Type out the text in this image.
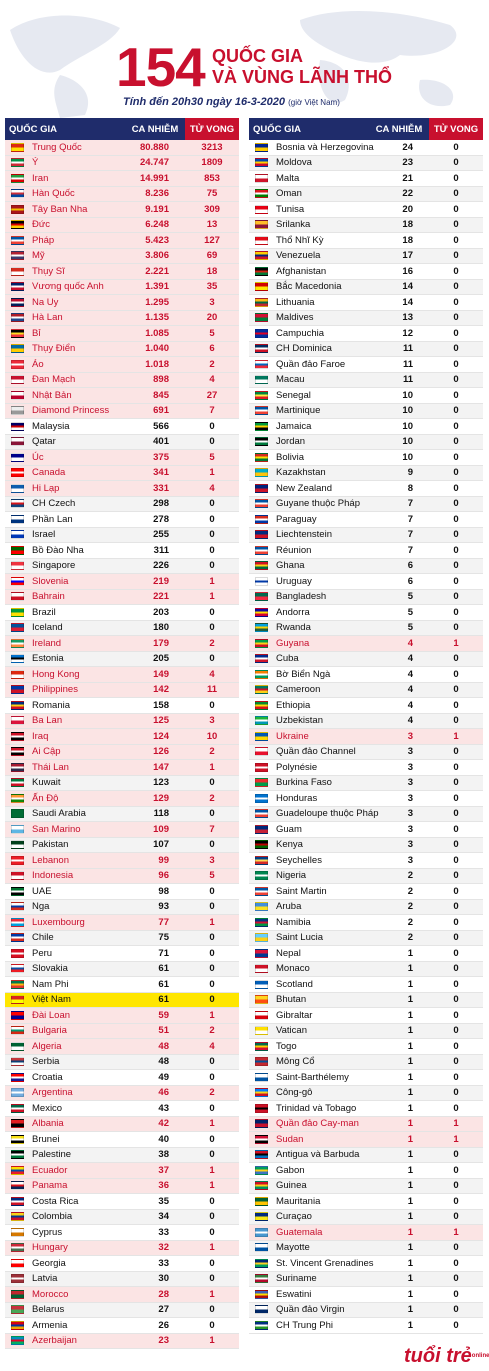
154 QUỐC GIA
VÀ VÙNG LÃNH THỔ
Tính đến 20h30 ngày 16-3-2020 (giờ Việt Nam)
QUỐC GIA	CA NHIỄM	TỬ VONG
Trung Quốc	80.880	3213
Ý	24.747	1809
Iran	14.991	853
Hàn Quốc	8.236	75
Tây Ban Nha	9.191	309
Đức	6.248	13
Pháp	5.423	127
Mỹ	3.806	69
Thụy Sĩ	2.221	18
Vương quốc Anh	1.391	35
Na Uy	1.295	3
Hà Lan	1.135	20
Bỉ	1.085	5
Thụy Điển	1.040	6
Áo	1.018	2
Đan Mạch	898	4
Nhật Bản	845	27
Diamond Princess	691	7
Malaysia	566	0
Qatar	401	0
Úc	375	5
Canada	341	1
Hi Lạp	331	4
CH Czech	298	0
Phần Lan	278	0
Israel	255	0
Bồ Đào Nha	311	0
Singapore	226	0
Slovenia	219	1
Bahrain	221	1
Brazil	203	0
Iceland	180	0
Ireland	179	2
Estonia	205	0
Hong Kong	149	4
Philippines	142	11
Romania	158	0
Ba Lan	125	3
Iraq	124	10
Ai Cập	126	2
Thái Lan	147	1
Kuwait	123	0
Ấn Độ	129	2
Saudi Arabia	118	0
San Marino	109	7
Pakistan	107	0
Lebanon	99	3
Indonesia	96	5
UAE	98	0
Nga	93	0
Luxembourg	77	1
Chile	75	0
Peru	71	0
Slovakia	61	0
Nam Phi	61	0
Việt Nam	61	0
Đài Loan	59	1
Bulgaria	51	2
Algeria	48	4
Serbia	48	0
Croatia	49	0
Argentina	46	2
Mexico	43	0
Albania	42	1
Brunei	40	0
Palestine	38	0
Ecuador	37	1
Panama	36	1
Costa Rica	35	0
Colombia	34	0
Cyprus	33	0
Hungary	32	1
Georgia	33	0
Latvia	30	0
Morocco	28	1
Belarus	27	0
Armenia	26	0
Azerbaijan	23	1
QUỐC GIA	CA NHIỄM	TỬ VONG
Bosnia và Herzegovina	24	0
Moldova	23	0
Malta	21	0
Oman	22	0
Tunisa	20	0
Srilanka	18	0
Thổ Nhĩ Kỳ	18	0
Venezuela	17	0
Afghanistan	16	0
Bắc Macedonia	14	0
Lithuania	14	0
Maldives	13	0
Campuchia	12	0
CH Dominica	11	0
Quần đảo Faroe	11	0
Macau	11	0
Senegal	10	0
Martinique	10	0
Jamaica	10	0
Jordan	10	0
Bolivia	10	0
Kazakhstan	9	0
New Zealand	8	0
Guyane thuộc Pháp	7	0
Paraguay	7	0
Liechtenstein	7	0
Réunion	7	0
Ghana	6	0
Uruguay	6	0
Bangladesh	5	0
Andorra	5	0
Rwanda	5	0
Guyana	4	1
Cuba	4	0
Bờ Biển Ngà	4	0
Cameroon	4	0
Ethiopia	4	0
Uzbekistan	4	0
Ukraine	3	1
Quần đảo Channel	3	0
Polynésie	3	0
Burkina Faso	3	0
Honduras	3	0
Guadeloupe thuộc Pháp	3	0
Guam	3	0
Kenya	3	0
Seychelles	3	0
Nigeria	2	0
Saint Martin	2	0
Aruba	2	0
Namibia	2	0
Saint Lucia	2	0
Nepal	1	0
Monaco	1	0
Scotland	1	0
Bhutan	1	0
Gibraltar	1	0
Vatican	1	0
Togo	1	0
Mông Cổ	1	0
Saint-Barthélemy	1	0
Công-gô	1	0
Trinidad và Tobago	1	0
Quần đảo Cay-man	1	1
Sudan	1	1
Antigua và Barbuda	1	0
Gabon	1	0
Guinea	1	0
Mauritania	1	0
Curaçao	1	0
Guatemala	1	1
Mayotte	1	0
St. Vincent Grenadines	1	0
Suriname	1	0
Eswatini	1	0
Quần đảo Virgin	1	0
CH Trung Phi	1	0
tuổi trẻonline
